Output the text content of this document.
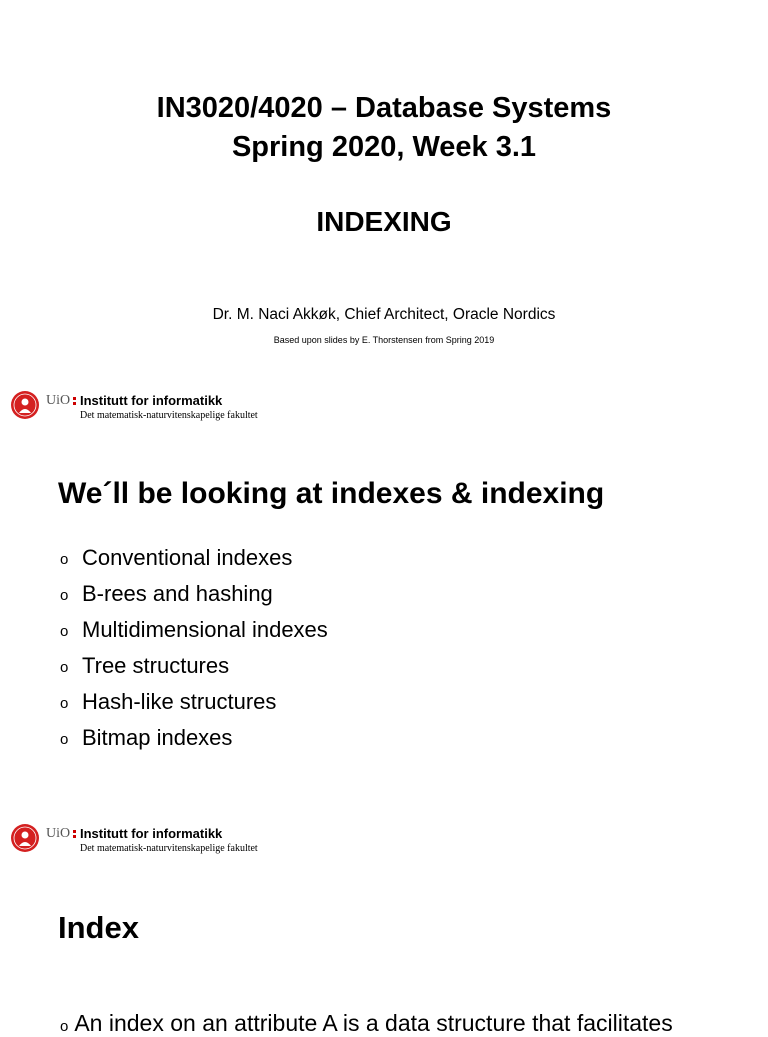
IN3020/4020 – Database Systems
Spring 2020, Week 3.1
INDEXING
Dr. M. Naci Akkøk, Chief Architect, Oracle Nordics
Based upon slides by E. Thorstensen from Spring 2019
UiO Institutt for informatikk
Det matematisk-naturvitenskapelige fakultet
We´ll be looking at indexes & indexing
o Conventional indexes
o B-rees and hashing
o Multidimensional indexes
o Tree structures
o Hash-like structures
o Bitmap indexes
UiO Institutt for informatikk
Det matematisk-naturvitenskapelige fakultet
Index
o An index on an attribute A is a data structure that facilitates
